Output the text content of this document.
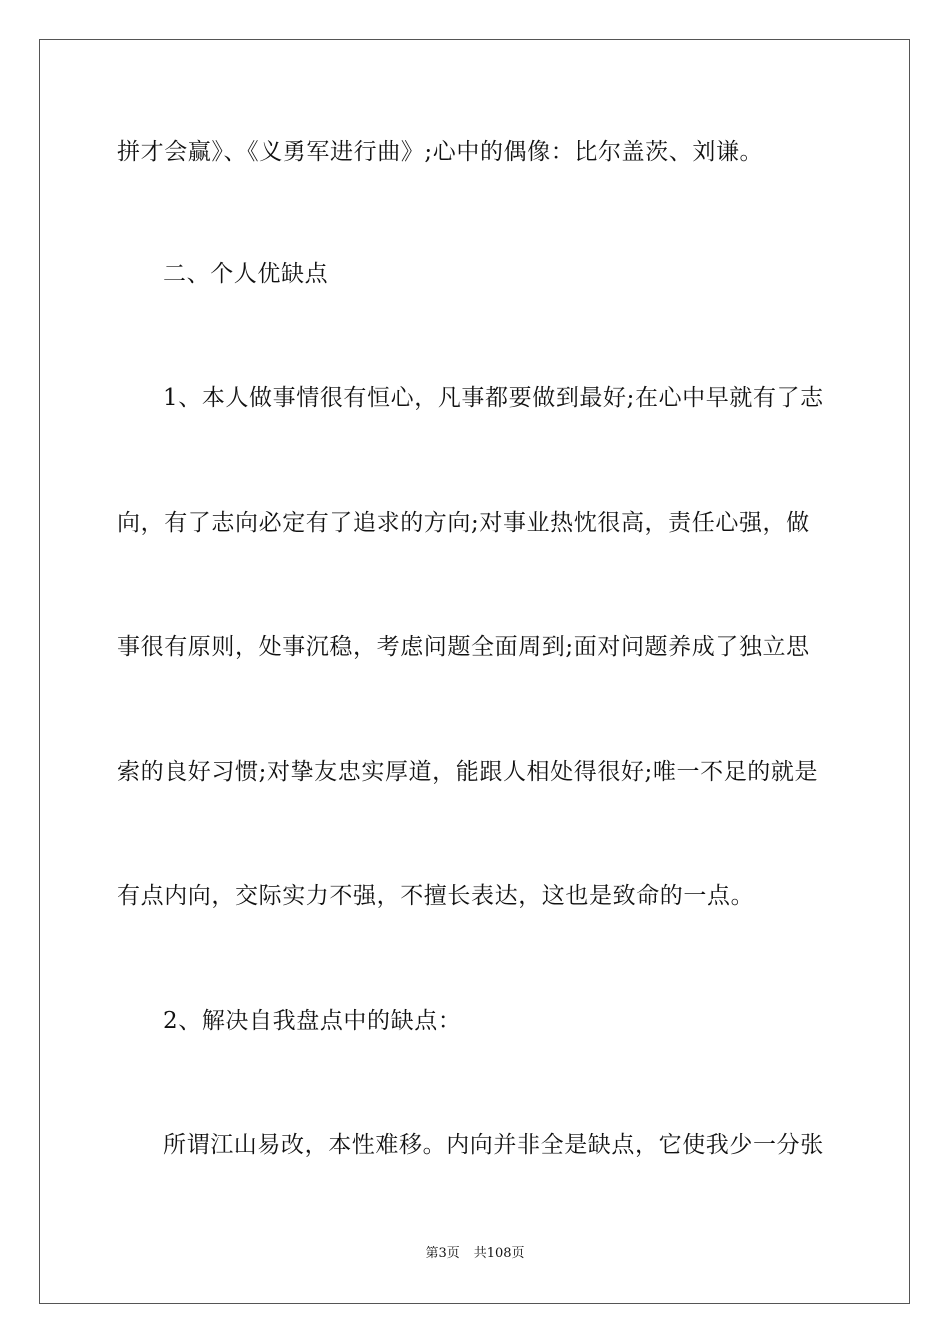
拼才会赢》、《义勇军进行曲》;心中的偶像：比尔盖茨、刘谦。
二、个人优缺点
1、本人做事情很有恒心，凡事都要做到最好;在心中早就有了志
向，有了志向必定有了追求的方向;对事业热忱很高，责任心强，做
事很有原则，处事沉稳，考虑问题全面周到;面对问题养成了独立思
索的良好习惯;对挚友忠实厚道，能跟人相处得很好;唯一不足的就是
有点内向，交际实力不强，不擅长表达，这也是致命的一点。
2、解决自我盘点中的缺点：
所谓江山易改，本性难移。内向并非全是缺点，它使我少一分张
第3页 共108页
